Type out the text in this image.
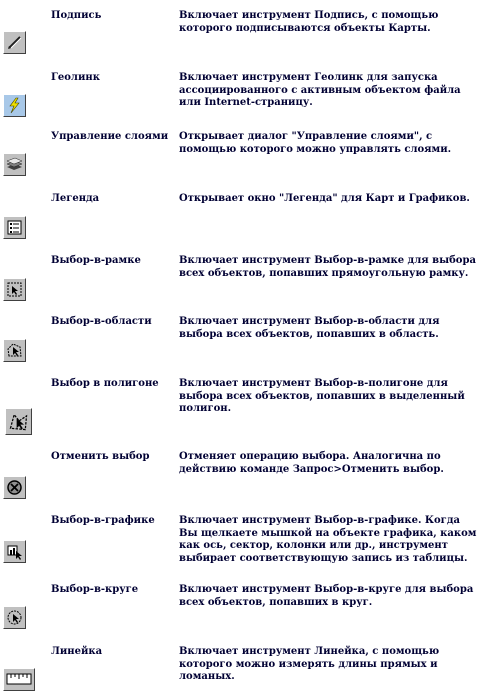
Подпись	Включает инструмент Подпись, с помощью которого подписываются объекты Карты.
Геолинк	Включает инструмент Геолинк для запуска ассоциированного с активным объектом файла или Internet-страницу.
Управление слоями	Открывает диалог "Управление слоями", с помощью которого можно управлять слоями.
Легенда	Открывает окно "Легенда" для Карт и Графиков.
Выбор-в-рамке	Включает инструмент Выбор-в-рамке для выбора всех объектов, попавших прямоугольную рамку.
Выбор-в-области	Включает инструмент Выбор-в-области для выбора всех объектов, попавших в область.
Выбор в полигоне	Включает инструмент Выбор-в-полигоне для выбора всех объектов, попавших в выделенный полигон.
Отменить выбор	Отменяет операцию выбора. Аналогична по действию команде Запрос>Отменить выбор.
Выбор-в-графике	Включает инструмент Выбор-в-графике. Когда Вы щелкаете мышкой на объекте графика, каком как ось, сектор, колонки или др., инструмент выбирает соответствующую запись из таблицы.
Выбор-в-круге	Включает инструмент Выбор-в-круге для выбора всех объектов, попавших в круг.
Линейка	Включает инструмент Линейка, с помощью которого можно измерять длины прямых и ломаных.
